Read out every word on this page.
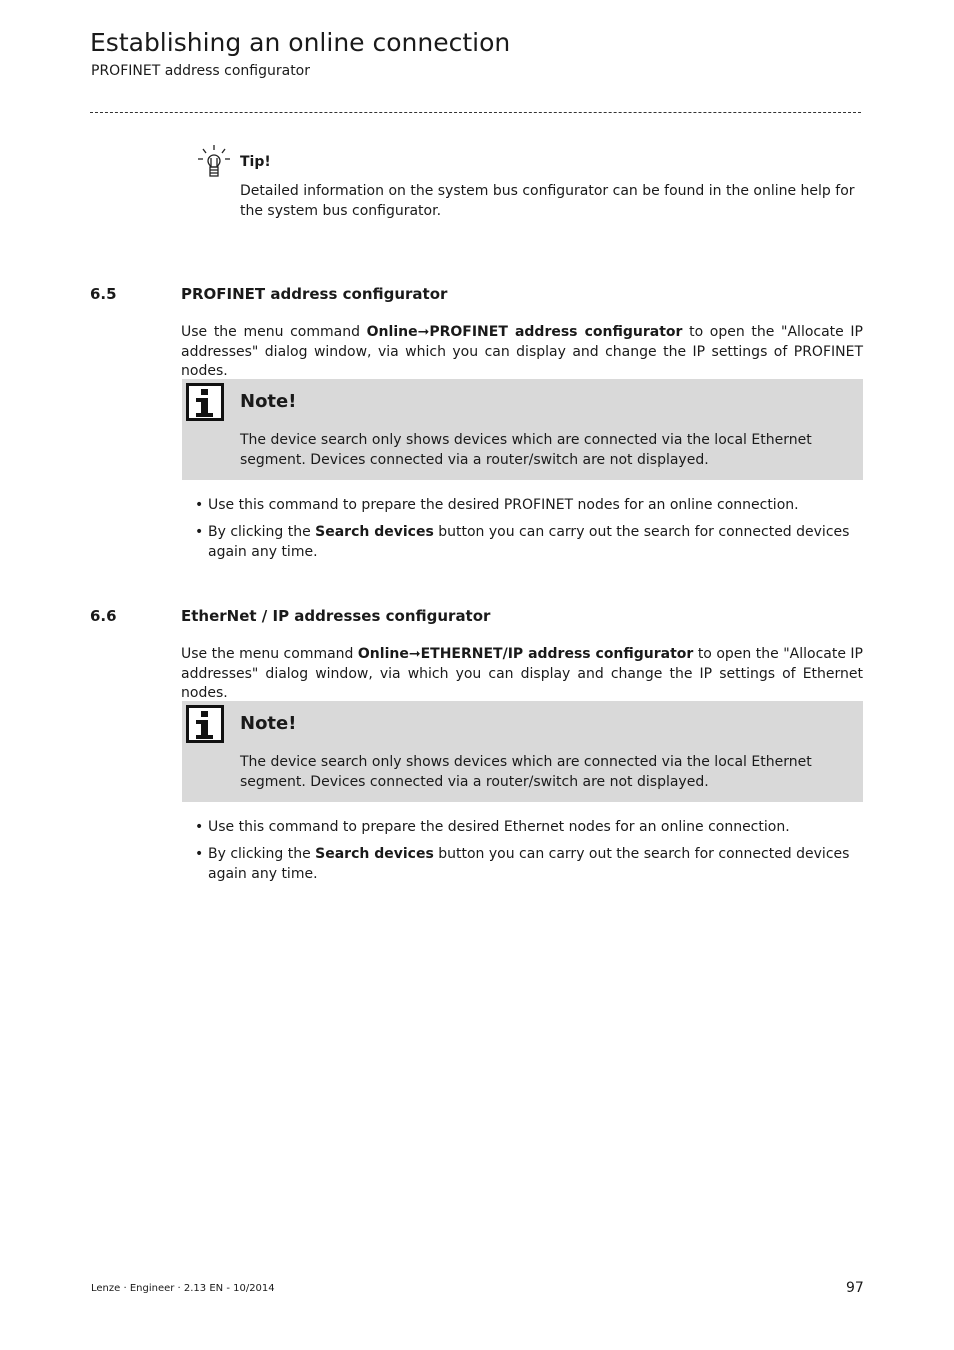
Establishing an online connection
PROFINET address configurator
Tip!
Detailed information on the system bus configurator can be found in the online help for the system bus configurator.
6.5	PROFINET address configurator
Use the menu command Online➞PROFINET address configurator to open the "Allocate IP addresses" dialog window, via which you can display and change the IP settings of PROFINET nodes.
Note!
The device search only shows devices which are connected via the local Ethernet segment. Devices connected via a router/switch are not displayed.
• Use this command to prepare the desired PROFINET nodes for an online connection.
• By clicking the Search devices button you can carry out the search for connected devices again any time.
6.6	EtherNet / IP addresses configurator
Use the menu command Online➞ETHERNET/IP address configurator to open the "Allocate IP addresses" dialog window, via which you can display and change the IP settings of Ethernet nodes.
Note!
The device search only shows devices which are connected via the local Ethernet segment. Devices connected via a router/switch are not displayed.
• Use this command to prepare the desired Ethernet nodes for an online connection.
• By clicking the Search devices button you can carry out the search for connected devices again any time.
Lenze · Engineer · 2.13 EN - 10/2014	97
